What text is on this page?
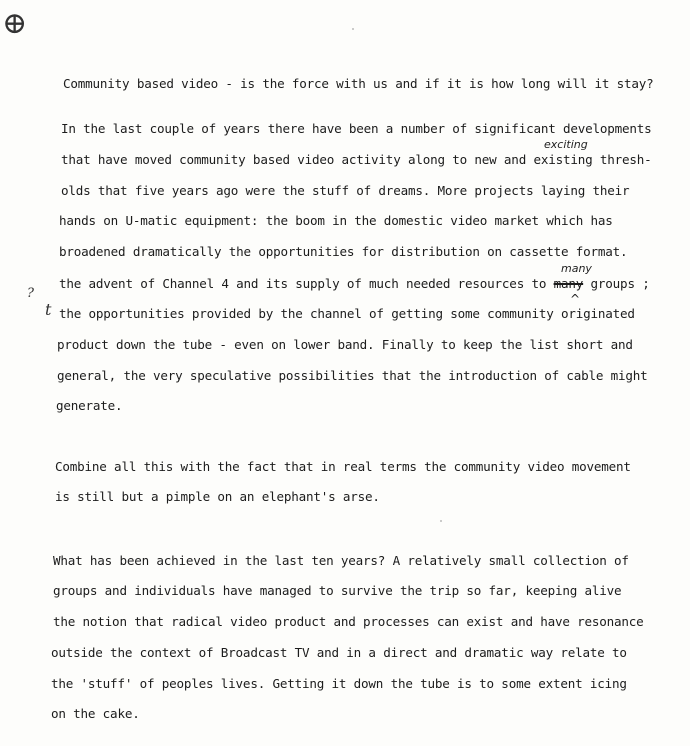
⊕
Community based video - is the force with us and if it is how long will it stay?
In the last couple of years there have been a number of significant developments
exciting
that have moved community based video activity along to new and existing thresh-
olds that five years ago were the stuff of dreams. More projects laying their
hands on U-matic equipment: the boom in the domestic video market which has
broadened dramatically the opportunities for distribution on cassette format.
?
many
the advent of Channel 4 and its supply of much needed resources to many groups ;
t
^
the opportunities provided by the channel of getting some community originated
product down the tube - even on lower band. Finally to keep the list short and
general, the very speculative possibilities that the introduction of cable might
generate.
Combine all this with the fact that in real terms the community video movement
is still but a pimple on an elephant's arse.
What has been achieved in the last ten years? A relatively small collection of
groups and individuals have managed to survive the trip so far, keeping alive
the notion that radical video product and processes can exist and have resonance
outside the context of Broadcast TV and in a direct and dramatic way relate to
the 'stuff' of peoples lives. Getting it down the tube is to some extent icing
on the cake.
